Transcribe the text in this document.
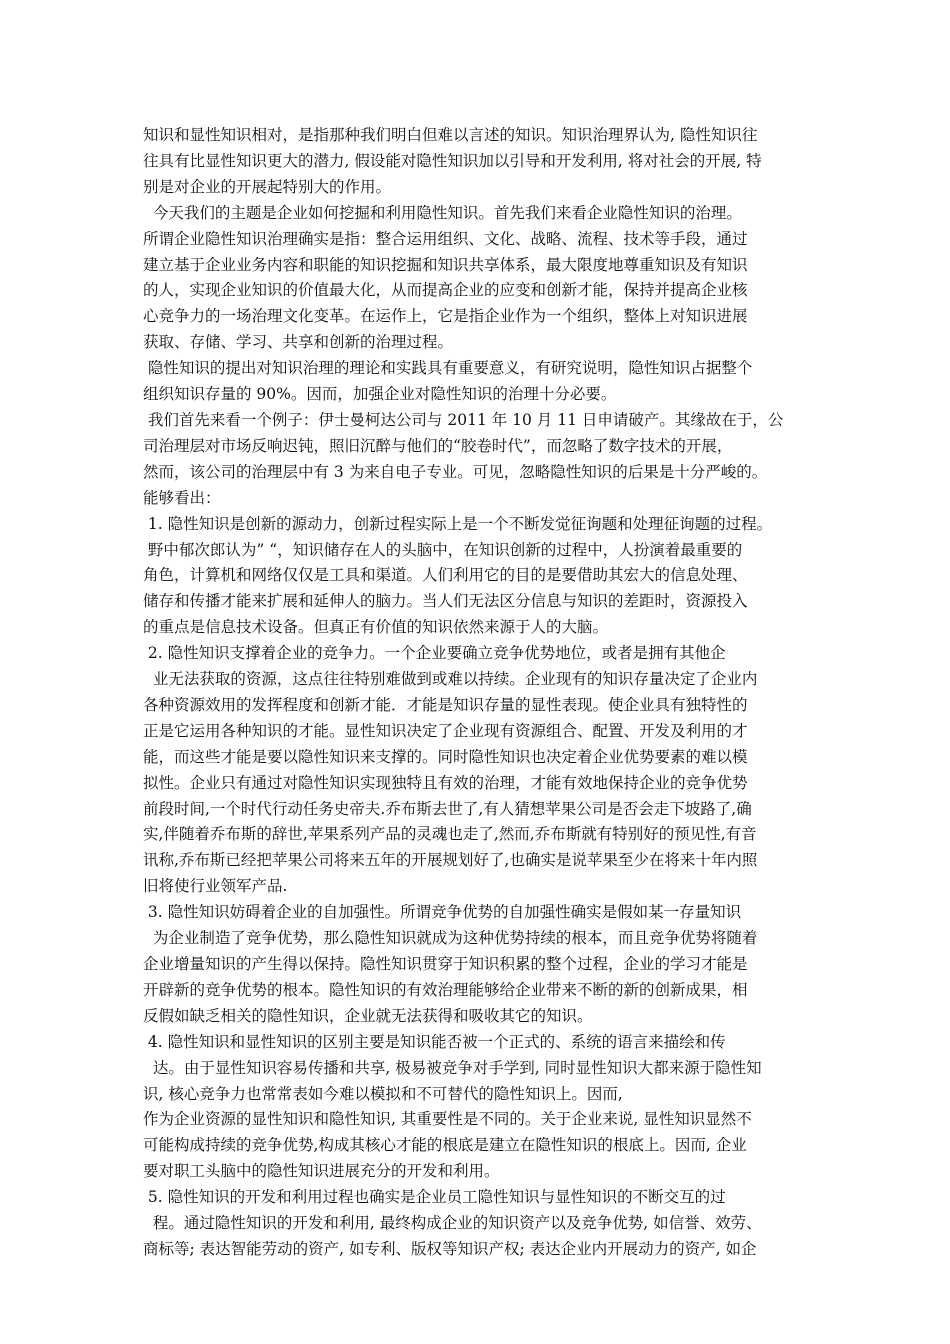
知识和显性知识相对，是指那种我们明白但难以言述的知识。知识治理界认为, 隐性知识往
往具有比显性知识更大的潜力, 假设能对隐性知识加以引导和开发利用, 将对社会的开展, 特
别是对企业的开展起特别大的作用。
今天我们的主题是企业如何挖掘和利用隐性知识。首先我们来看企业隐性知识的治理。
所谓企业隐性知识治理确实是指：整合运用组织、文化、战略、流程、技术等手段，通过
建立基于企业业务内容和职能的知识挖掘和知识共享体系，最大限度地尊重知识及有知识
的人，实现企业知识的价值最大化，从而提高企业的应变和创新才能，保持并提高企业核
心竞争力的一场治理文化变革。在运作上，它是指企业作为一个组织，整体上对知识进展
获取、存储、学习、共享和创新的治理过程。
隐性知识的提出对知识治理的理论和实践具有重要意义，有研究说明，隐性知识占据整个
组织知识存量的 90%。因而，加强企业对隐性知识的治理十分必要。
我们首先来看一个例子：伊士曼柯达公司与 2011 年 10 月 11 日申请破产。其缘故在于，公
司治理层对市场反响迟钝，照旧沉醉与他们的“胶卷时代”，而忽略了数字技术的开展，
然而，该公司的治理层中有 3 为来自电子专业。可见，忽略隐性知识的后果是十分严峻的。
能够看出：
1. 隐性知识是创新的源动力，创新过程实际上是一个不断发觉征询题和处理征询题的过程。
野中郁次郎认为” “，知识储存在人的头脑中，在知识创新的过程中，人扮演着最重要的
角色，计算机和网络仅仅是工具和渠道。人们利用它的目的是要借助其宏大的信息处理、
储存和传播才能来扩展和延伸人的脑力。当人们无法区分信息与知识的差距时，资源投入
的重点是信息技术设备。但真正有价值的知识依然来源于人的大脑。
2. 隐性知识支撑着企业的竞争力。一个企业要确立竞争优势地位，或者是拥有其他企
业无法获取的资源，这点往往特别难做到或难以持续。企业现有的知识存量决定了企业内
各种资源效用的发挥程度和创新才能．才能是知识存量的显性表现。使企业具有独特性的
正是它运用各种知识的才能。显性知识决定了企业现有资源组合、配置、开发及利用的才
能，而这些才能是要以隐性知识来支撑的。同时隐性知识也决定着企业优势要素的难以模
拟性。企业只有通过对隐性知识实现独特且有效的治理，才能有效地保持企业的竞争优势
前段时间,一个时代行动任务史帝夫.乔布斯去世了,有人猜想苹果公司是否会走下坡路了,确
实,伴随着乔布斯的辞世,苹果系列产品的灵魂也走了,然而,乔布斯就有特别好的预见性,有音
讯称,乔布斯已经把苹果公司将来五年的开展规划好了,也确实是说苹果至少在将来十年内照
旧将使行业领军产品.
3. 隐性知识妨碍着企业的自加强性。所谓竞争优势的自加强性确实是假如某一存量知识
为企业制造了竞争优势，那么隐性知识就成为这种优势持续的根本，而且竞争优势将随着
企业增量知识的产生得以保持。隐性知识贯穿于知识积累的整个过程，企业的学习才能是
开辟新的竞争优势的根本。隐性知识的有效治理能够给企业带来不断的新的创新成果，相
反假如缺乏相关的隐性知识，企业就无法获得和吸收其它的知识。
4. 隐性知识和显性知识的区别主要是知识能否被一个正式的、系统的语言来描绘和传
达。由于显性知识容易传播和共享, 极易被竞争对手学到, 同时显性知识大都来源于隐性知
识, 核心竞争力也常常表如今难以模拟和不可替代的隐性知识上。因而,
作为企业资源的显性知识和隐性知识, 其重要性是不同的。关于企业来说, 显性知识显然不
可能构成持续的竞争优势,构成其核心才能的根底是建立在隐性知识的根底上。因而, 企业
要对职工头脑中的隐性知识进展充分的开发和利用。
5. 隐性知识的开发和利用过程也确实是企业员工隐性知识与显性知识的不断交互的过
程。通过隐性知识的开发和利用, 最终构成企业的知识资产以及竞争优势, 如信誉、效劳、
商标等; 表达智能劳动的资产, 如专利、版权等知识产权; 表达企业内开展动力的资产, 如企
